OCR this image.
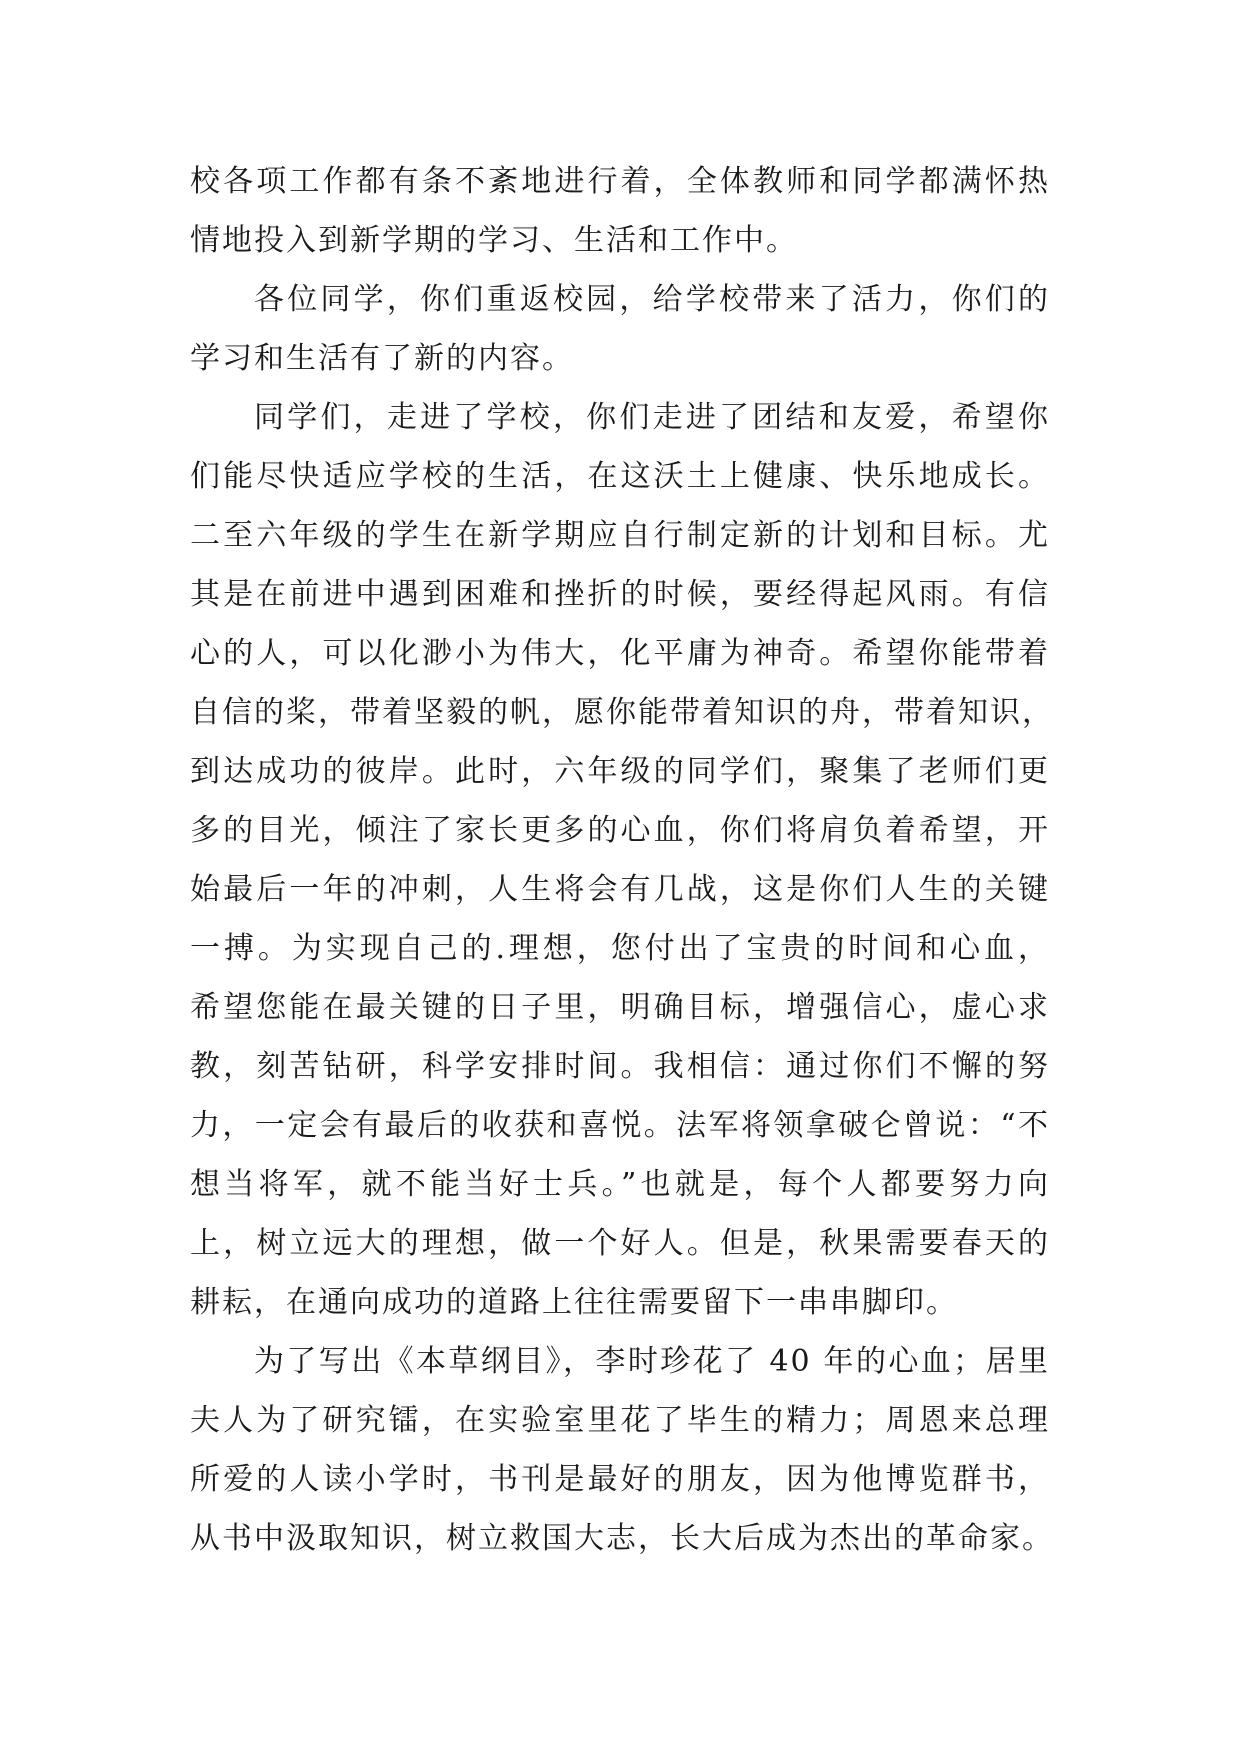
校各项工作都有条不紊地进行着，全体教师和同学都满怀热
情地投入到新学期的学习、生活和工作中。
各位同学，你们重返校园，给学校带来了活力，你们的
学习和生活有了新的内容。
同学们，走进了学校，你们走进了团结和友爱，希望你
们能尽快适应学校的生活，在这沃土上健康、快乐地成长。
二至六年级的学生在新学期应自行制定新的计划和目标。尤
其是在前进中遇到困难和挫折的时候，要经得起风雨。有信
心的人，可以化渺小为伟大，化平庸为神奇。希望你能带着
自信的桨，带着坚毅的帆，愿你能带着知识的舟，带着知识，
到达成功的彼岸。此时，六年级的同学们，聚集了老师们更
多的目光，倾注了家长更多的心血，你们将肩负着希望，开
始最后一年的冲刺，人生将会有几战，这是你们人生的关键
一搏。为实现自己的.理想，您付出了宝贵的时间和心血，
希望您能在最关键的日子里，明确目标，增强信心，虚心求
教，刻苦钻研，科学安排时间。我相信：通过你们不懈的努
力，一定会有最后的收获和喜悦。法军将领拿破仑曾说：“不
想当将军，就不能当好士兵。”也就是，每个人都要努力向
上，树立远大的理想，做一个好人。但是，秋果需要春天的
耕耘，在通向成功的道路上往往需要留下一串串脚印。
为了写出《本草纲目》，李时珍花了 40 年的心血；居里
夫人为了研究镭，在实验室里花了毕生的精力；周恩来总理
所爱的人读小学时，书刊是最好的朋友，因为他博览群书，
从书中汲取知识，树立救国大志，长大后成为杰出的革命家。
